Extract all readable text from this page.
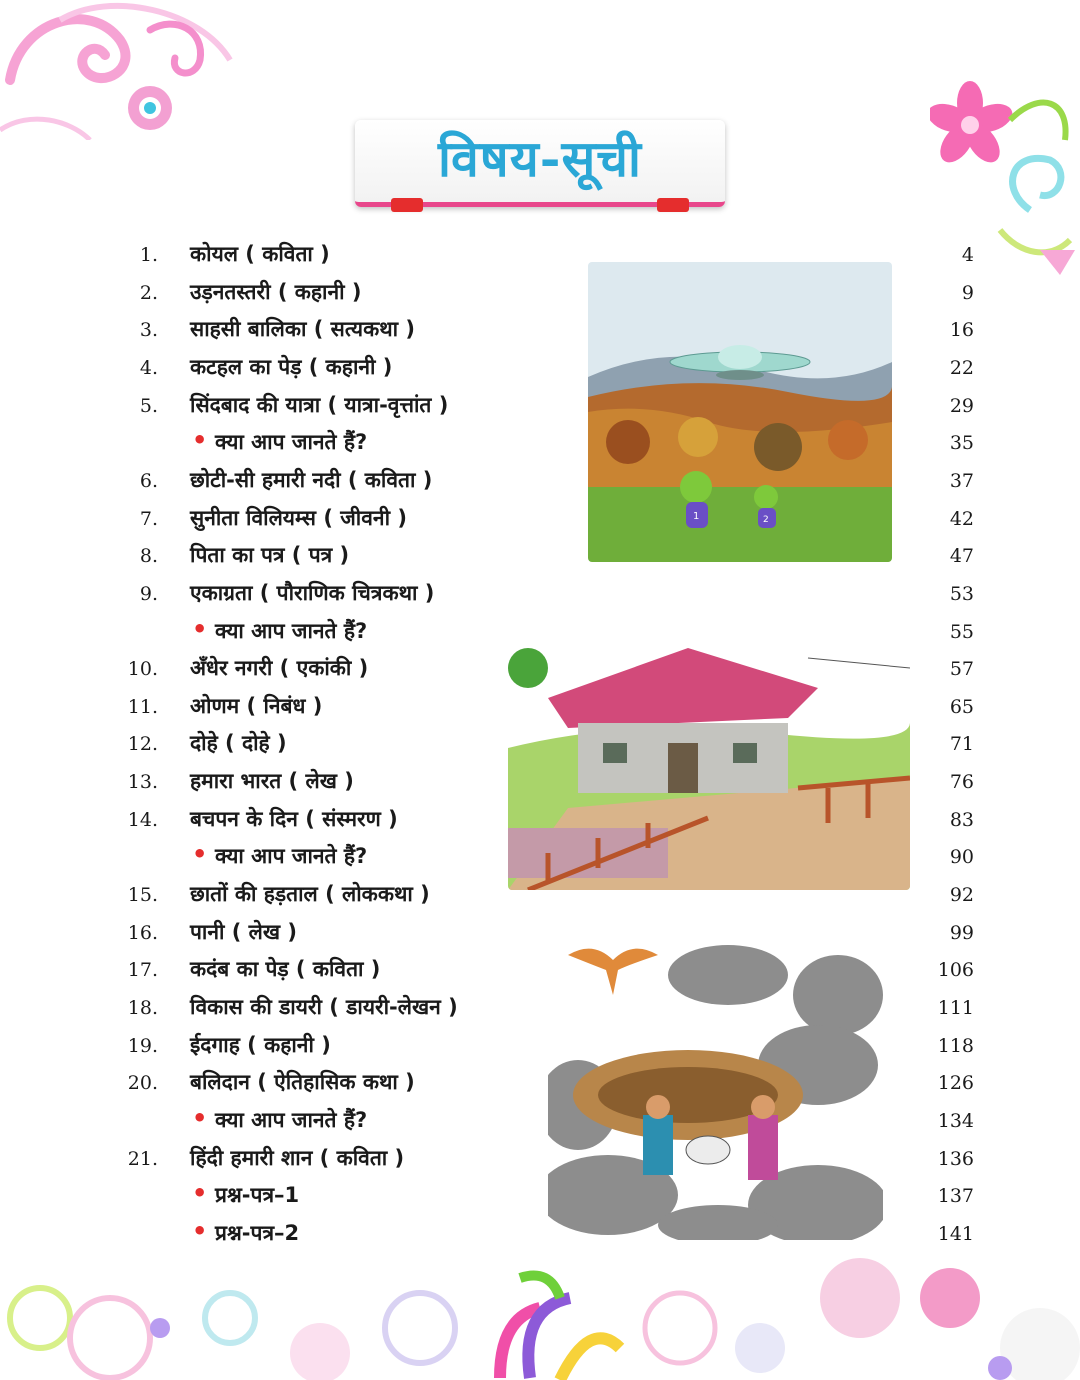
विषय-सूची
1	2
1. कोयल ( कविता )	4
2. उड़नतस्तरी ( कहानी )	9
3. साहसी बालिका ( सत्यकथा )	16
4. कटहल का पेड़ ( कहानी )	22
5. सिंदबाद की यात्रा ( यात्रा-वृत्तांत )	29
• क्या आप जानते हैं?	35
6. छोटी-सी हमारी नदी ( कविता )	37
7. सुनीता विलियम्स ( जीवनी )	42
8. पिता का पत्र ( पत्र )	47
9. एकाग्रता ( पौराणिक चित्रकथा )	53
• क्या आप जानते हैं?	55
10. अँधेर नगरी ( एकांकी )	57
11. ओणम ( निबंध )	65
12. दोहे ( दोहे )	71
13. हमारा भारत ( लेख )	76
14. बचपन के दिन ( संस्मरण )	83
• क्या आप जानते हैं?	90
15. छातों की हड़ताल ( लोककथा )	92
16. पानी ( लेख )	99
17. कदंब का पेड़ ( कविता )	106
18. विकास की डायरी ( डायरी-लेखन )	111
19. ईदगाह ( कहानी )	118
20. बलिदान ( ऐतिहासिक कथा )	126
• क्या आप जानते हैं?	134
21. हिंदी हमारी शान ( कविता )	136
• प्रश्न-पत्र–1	137
• प्रश्न-पत्र–2	141
